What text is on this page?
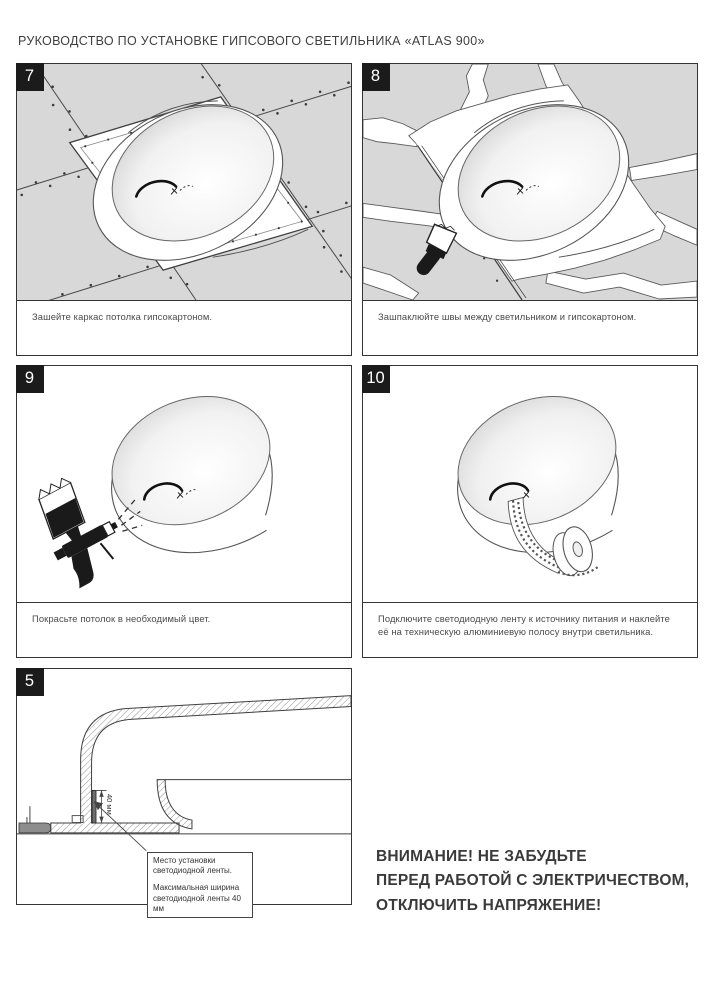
РУКОВОДСТВО ПО УСТАНОВКЕ ГИПСОВОГО СВЕТИЛЬНИКА «ATLAS 900»
7

Зашейте каркас потолка гипсокартоном.

8

Зашпаклюйте швы между светильником и гипсокартоном.

9

Покрасьте потолок в необходимый цвет.

10

Подключите светодиодную ленту к источнику питания и наклейте её на техническую алюминиевую полосу внутри светильника.

5
40 мм
Место установки светодиодной ленты.
Максимальная ширина светодиодной ленты 40 мм
ВНИМАНИЕ! НЕ ЗАБУДЬТЕ
ПЕРЕД РАБОТОЙ С ЭЛЕКТРИЧЕСТВОМ,
ОТКЛЮЧИТЬ НАПРЯЖЕНИЕ!
